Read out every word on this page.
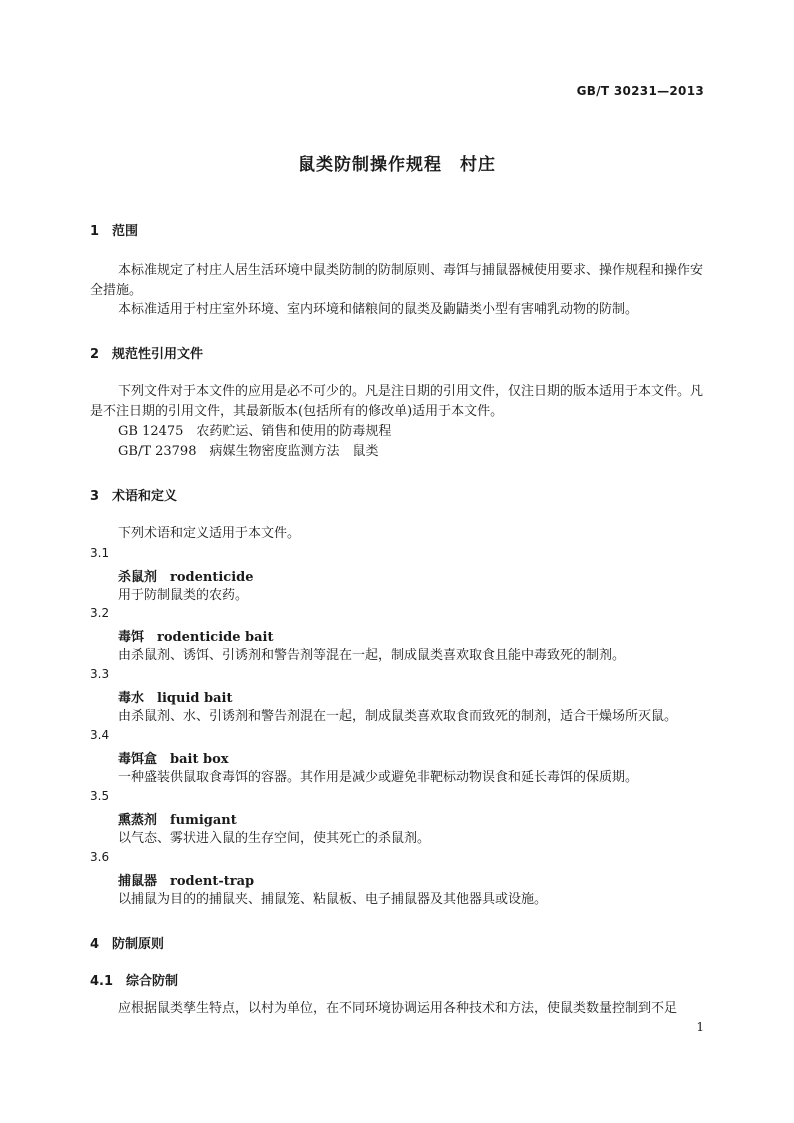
GB/T 30231—2013
鼠类防制操作规程　村庄
1　范围

本标准规定了村庄人居生活环境中鼠类防制的防制原则、毒饵与捕鼠器械使用要求、操作规程和操作安全措施。

本标准适用于村庄室外环境、室内环境和储粮间的鼠类及鼩鼱类小型有害哺乳动物的防制。

2　规范性引用文件

下列文件对于本文件的应用是必不可少的。凡是注日期的引用文件，仅注日期的版本适用于本文件。凡是不注日期的引用文件，其最新版本(包括所有的修改单)适用于本文件。

GB 12475　农药贮运、销售和使用的防毒规程
GB/T 23798　病媒生物密度监测方法　鼠类
3　术语和定义
下列术语和定义适用于本文件。
3.1
杀鼠剂　 rodenticide
用于防制鼠类的农药。
3.2
毒饵　 rodenticide bait
由杀鼠剂、诱饵、引诱剂和警告剂等混在一起，制成鼠类喜欢取食且能中毒致死的制剂。
3.3
毒水　 liquid bait
由杀鼠剂、水、引诱剂和警告剂混在一起，制成鼠类喜欢取食而致死的制剂，适合干燥场所灭鼠。
3.4
毒饵盒　 bait box
一种盛装供鼠取食毒饵的容器。其作用是减少或避免非靶标动物误食和延长毒饵的保质期。
3.5
熏蒸剂　 fumigant
以气态、雾状进入鼠的生存空间，使其死亡的杀鼠剂。
3.6
捕鼠器　 rodent-trap
以捕鼠为目的的捕鼠夹、捕鼠笼、粘鼠板、电子捕鼠器及其他器具或设施。
4　防制原则
4.1　综合防制
应根据鼠类孳生特点，以村为单位，在不同环境协调运用各种技术和方法，使鼠类数量控制到不足
1
